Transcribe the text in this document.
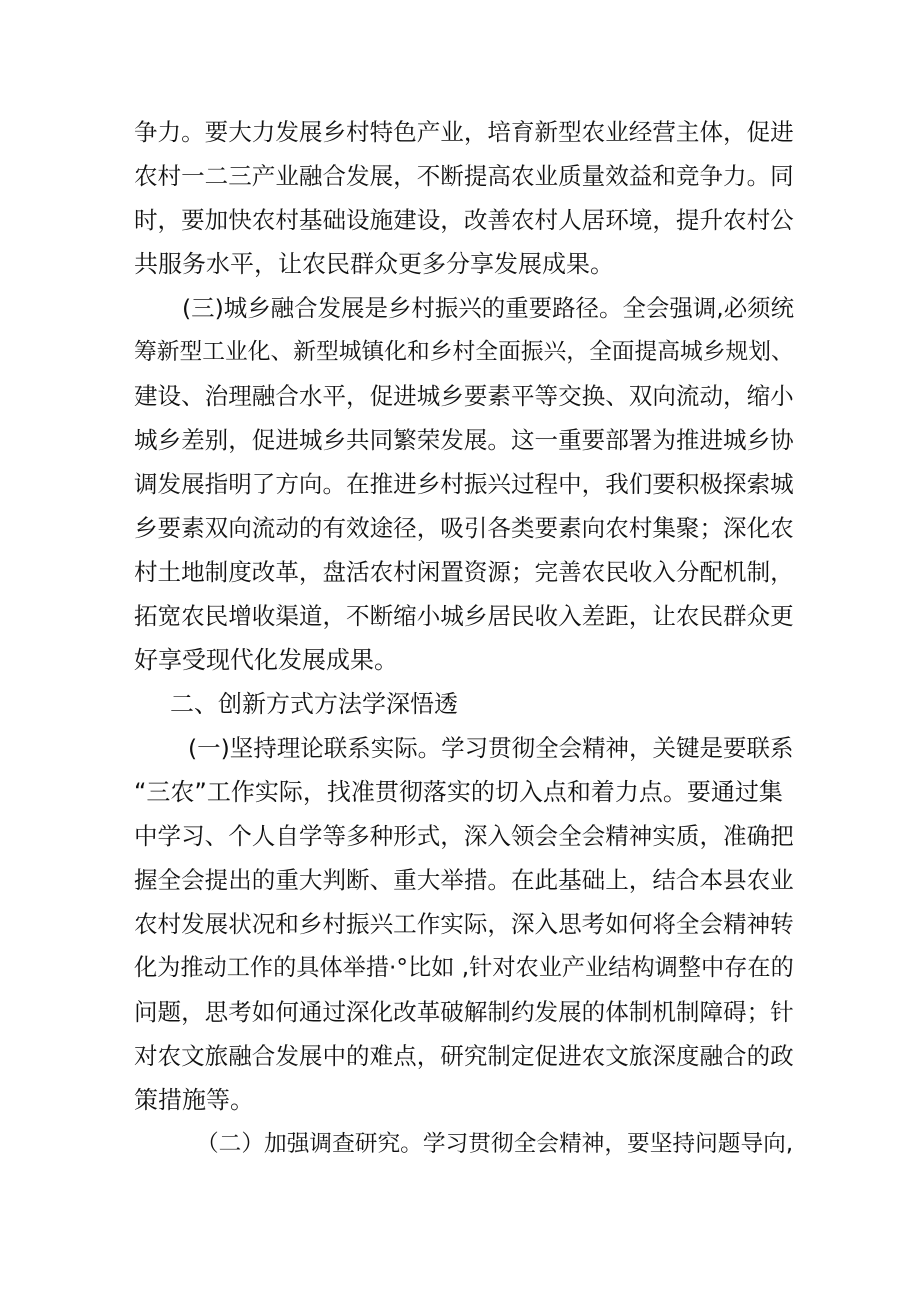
争力。要大力发展乡村特色产业，培育新型农业经营主体，促进
农村一二三产业融合发展，不断提高农业质量效益和竞争力。同
时，要加快农村基础设施建设，改善农村人居环境，提升农村公
共服务水平，让农民群众更多分享发展成果。
(三)城乡融合发展是乡村振兴的重要路径。全会强调,必须统
筹新型工业化、新型城镇化和乡村全面振兴，全面提高城乡规划、
建设、治理融合水平，促进城乡要素平等交换、双向流动，缩小
城乡差别，促进城乡共同繁荣发展。这一重要部署为推进城乡协
调发展指明了方向。在推进乡村振兴过程中，我们要积极探索城
乡要素双向流动的有效途径，吸引各类要素向农村集聚；深化农
村土地制度改革，盘活农村闲置资源；完善农民收入分配机制，
拓宽农民增收渠道，不断缩小城乡居民收入差距，让农民群众更
好享受现代化发展成果。
二、创新方式方法学深悟透
(一)坚持理论联系实际。学习贯彻全会精神，关键是要联系
“三农”工作实际，找准贯彻落实的切入点和着力点。要通过集
中学习、个人自学等多种形式，深入领会全会精神实质，准确把
握全会提出的重大判断、重大举措。在此基础上，结合本县农业
农村发展状况和乡村振兴工作实际，深入思考如何将全会精神转
化为推动工作的具体举措·°比如 ,针对农业产业结构调整中存在的
问题，思考如何通过深化改革破解制约发展的体制机制障碍；针
对农文旅融合发展中的难点，研究制定促进农文旅深度融合的政
策措施等。
（二）加强调查研究。学习贯彻全会精神，要坚持问题导向,
